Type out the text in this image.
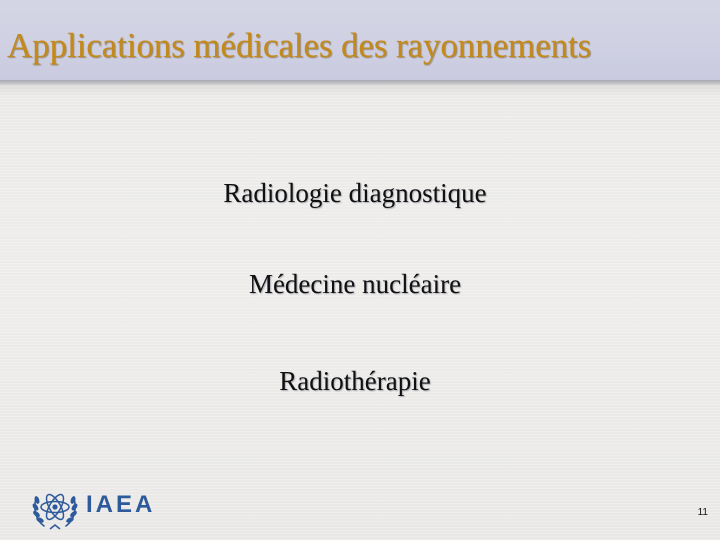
Applications médicales des rayonnements
Radiologie diagnostique
Médecine nucléaire
Radiothérapie
IAEA	11
